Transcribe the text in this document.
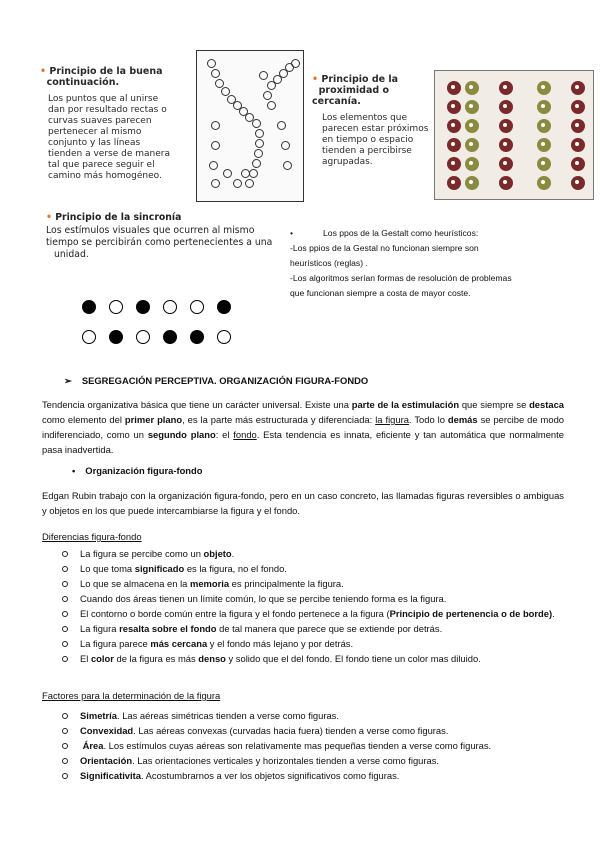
• Principio de la buena
continuación.
Los puntos que al unirse
dan por resultado rectas o
curvas suaves parecen
pertenecer al mismo
conjunto y las líneas
tienden a verse de manera
tal que parece seguir el
camino más homogéneo.
• Principio de la
proximidad o cercanía.
Los elementos que
parecen estar próximos
en tiempo o espacio
tienden a percibirse
agrupadas.
• Principio de la sincronía
Los estímulos visuales que ocurren al mismo
tiempo se percibirán como pertenecientes a una
unidad.
•	Los ppos de la Gestalt como heurísticos:
-Los ppios de la Gestal no funcionan siempre son
heurísticos (reglas) .
-Los algoritmos serían formas de resolución de problemas
que funcionan siempre a costa de mayor coste.
➢ SEGREGACIÓN PERCEPTIVA. ORGANIZACIÓN FIGURA-FONDO
Tendencia organizativa básica que tiene un carácter universal. Existe una parte de la estimulación que siempre se destaca como elemento del primer plano, es la parte más estructurada y diferenciada: la figura. Todo lo demás se percibe de modo indiferenciado, como un segundo plano: el fondo. Esta tendencia es innata, eficiente y tan automática que normalmente pasa inadvertida.
• Organización figura-fondo
Edgan Rubin trabajo con la organización figura-fondo, pero en un caso concreto, las llamadas figuras reversibles o ambiguas y objetos en los que puede intercambiarse la figura y el fondo.
Diferencias figura-fondo
La figura se percibe como un objeto.
Lo que toma significado es la figura, no el fondo.
Lo que se almacena en la memoria es principalmente la figura.
Cuando dos áreas tienen un límite común, lo que se percibe teniendo forma es la figura.
El contorno o borde común entre la figura y el fondo pertenece a la figura (Principio de pertenencia o de borde).
La figura resalta sobre el fondo de tal manera que parece que se extiende por detrás.
La figura parece más cercana y el fondo más lejano y por detrás.
El color de la figura es más denso y solido que el del fondo. El fondo tiene un color mas diluido.
Factores para la determinación de la figura
Simetría. Las aéreas simétricas tienden a verse como figuras.
Convexidad. Las aéreas convexas (curvadas hacia fuera) tienden a verse como figuras.
Área. Los estímulos cuyas aéreas son relativamente mas pequeñas tienden a verse como figuras.
Orientación. Las orientaciones verticales y horizontales tienden a verse como figuras.
Significativita. Acostumbrarnos a ver los objetos significativos como figuras.
